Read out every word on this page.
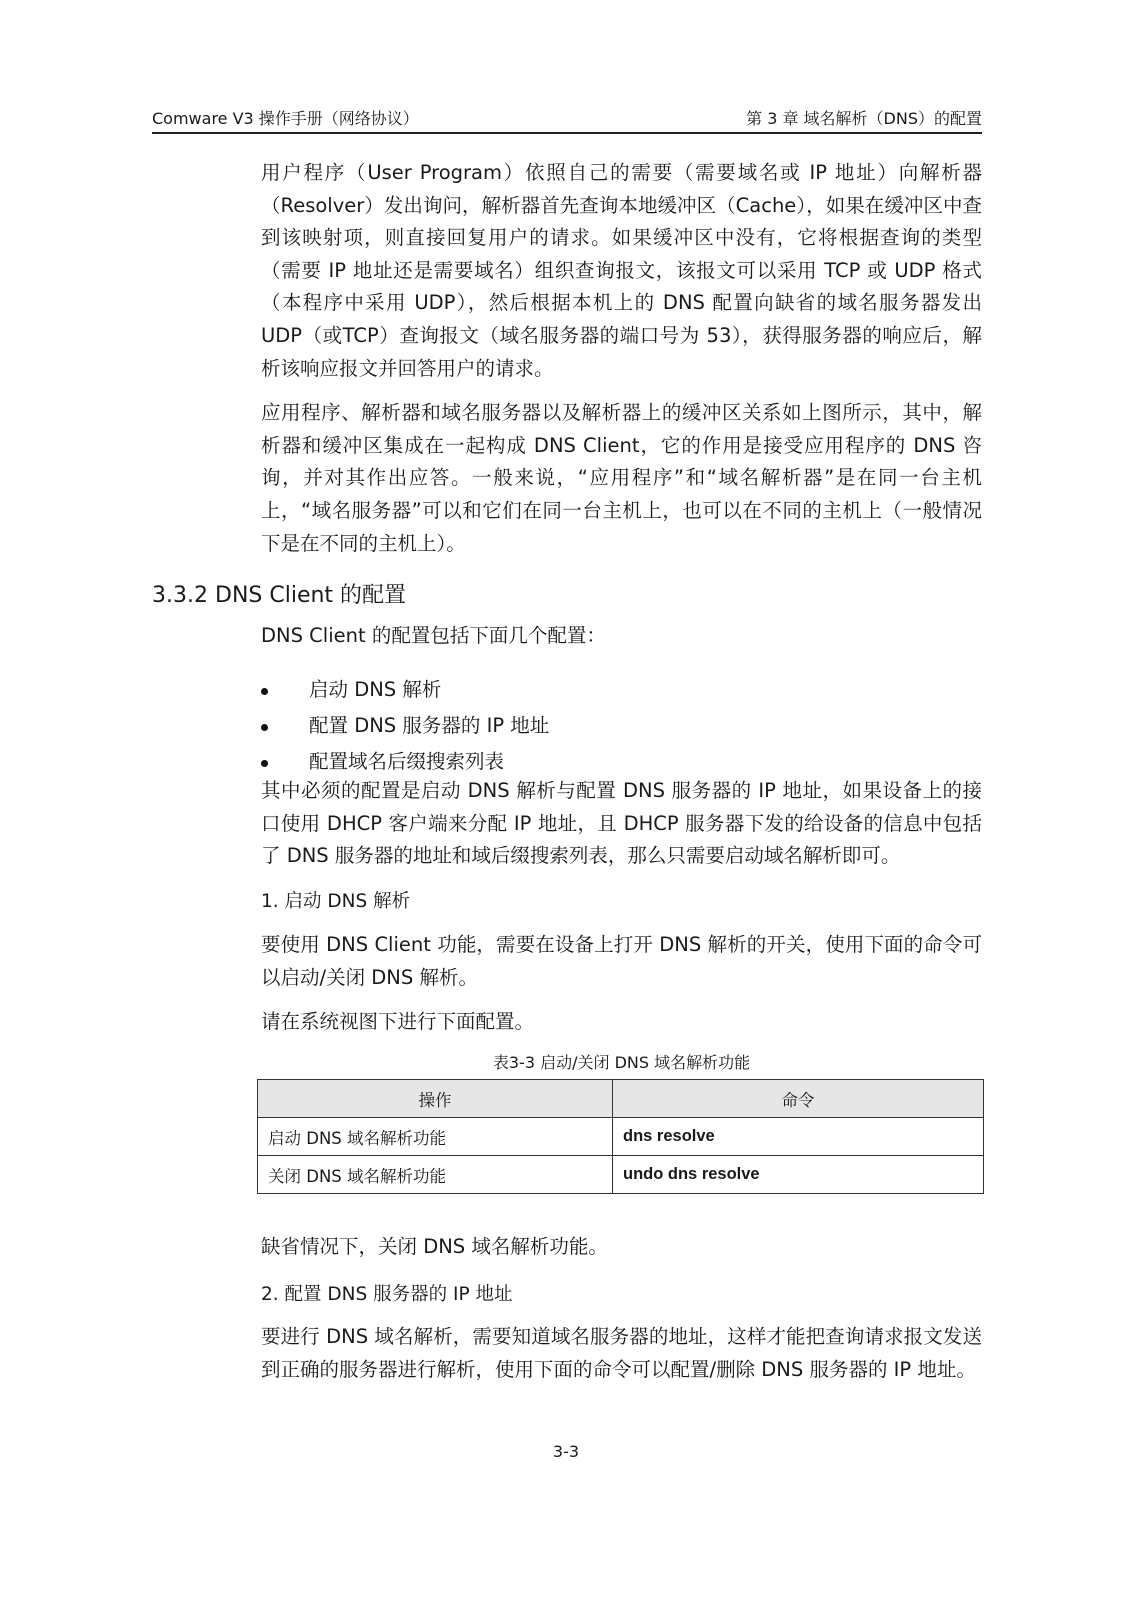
Comware V3 操作手册（网络协议）	第 3 章 域名解析（DNS）的配置

用户程序（User Program）依照自己的需要（需要域名或 IP 地址）向解析器（Resolver）发出询问，解析器首先查询本地缓冲区（Cache），如果在缓冲区中查到该映射项，则直接回复用户的请求。如果缓冲区中没有，它将根据查询的类型（需要 IP 地址还是需要域名）组织查询报文，该报文可以采用 TCP 或 UDP 格式（本程序中采用 UDP），然后根据本机上的 DNS 配置向缺省的域名服务器发出 UDP（或TCP）查询报文（域名服务器的端口号为 53），获得服务器的响应后，解析该响应报文并回答用户的请求。

应用程序、解析器和域名服务器以及解析器上的缓冲区关系如上图所示，其中，解析器和缓冲区集成在一起构成 DNS Client，它的作用是接受应用程序的 DNS 咨询，并对其作出应答。一般来说，“应用程序”和“域名解析器”是在同一台主机上，“域名服务器”可以和它们在同一台主机上，也可以在不同的主机上（一般情况下是在不同的主机上）。

3.3.2 DNS Client 的配置

DNS Client 的配置包括下面几个配置：

启动 DNS 解析
配置 DNS 服务器的 IP 地址
配置域名后缀搜索列表

其中必须的配置是启动 DNS 解析与配置 DNS 服务器的 IP 地址，如果设备上的接口使用 DHCP 客户端来分配 IP 地址，且 DHCP 服务器下发的给设备的信息中包括了 DNS 服务器的地址和域后缀搜索列表，那么只需要启动域名解析即可。

1. 启动 DNS 解析

要使用 DNS Client 功能，需要在设备上打开 DNS 解析的开关，使用下面的命令可以启动/关闭 DNS 解析。

请在系统视图下进行下面配置。

表3-3 启动/关闭 DNS 域名解析功能
操作	命令
启动 DNS 域名解析功能	dns resolve
关闭 DNS 域名解析功能	undo dns resolve

缺省情况下，关闭 DNS 域名解析功能。

2. 配置 DNS 服务器的 IP 地址

要进行 DNS 域名解析，需要知道域名服务器的地址，这样才能把查询请求报文发送到正确的服务器进行解析，使用下面的命令可以配置/删除 DNS 服务器的 IP 地址。

3-3
